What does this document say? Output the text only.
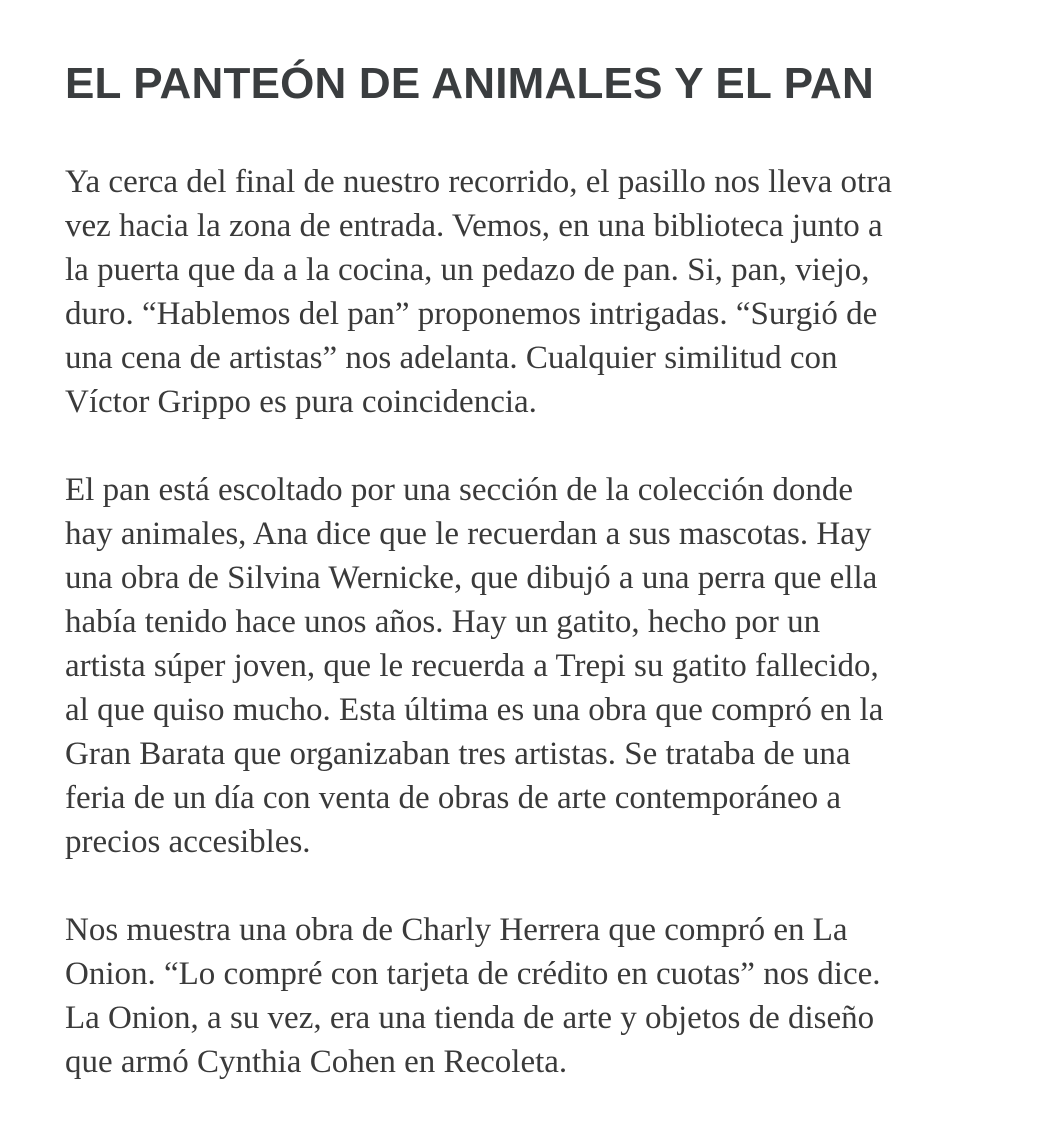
EL PANTEÓN DE ANIMALES Y EL PAN

Ya cerca del final de nuestro recorrido, el pasillo nos lleva otra
vez hacia la zona de entrada. Vemos, en una biblioteca junto a
la puerta que da a la cocina, un pedazo de pan. Si, pan, viejo,
duro. “Hablemos del pan” proponemos intrigadas. “Surgió de
una cena de artistas” nos adelanta. Cualquier similitud con
Víctor Grippo es pura coincidencia.

El pan está escoltado por una sección de la colección donde
hay animales, Ana dice que le recuerdan a sus mascotas. Hay
una obra de Silvina Wernicke, que dibujó a una perra que ella
había tenido hace unos años. Hay un gatito, hecho por un
artista súper joven, que le recuerda a Trepi su gatito fallecido,
al que quiso mucho. Esta última es una obra que compró en la
Gran Barata que organizaban tres artistas. Se trataba de una
feria de un día con venta de obras de arte contemporáneo a
precios accesibles.

Nos muestra una obra de Charly Herrera que compró en La
Onion. “Lo compré con tarjeta de crédito en cuotas” nos dice.
La Onion, a su vez, era una tienda de arte y objetos de diseño
que armó Cynthia Cohen en Recoleta.
